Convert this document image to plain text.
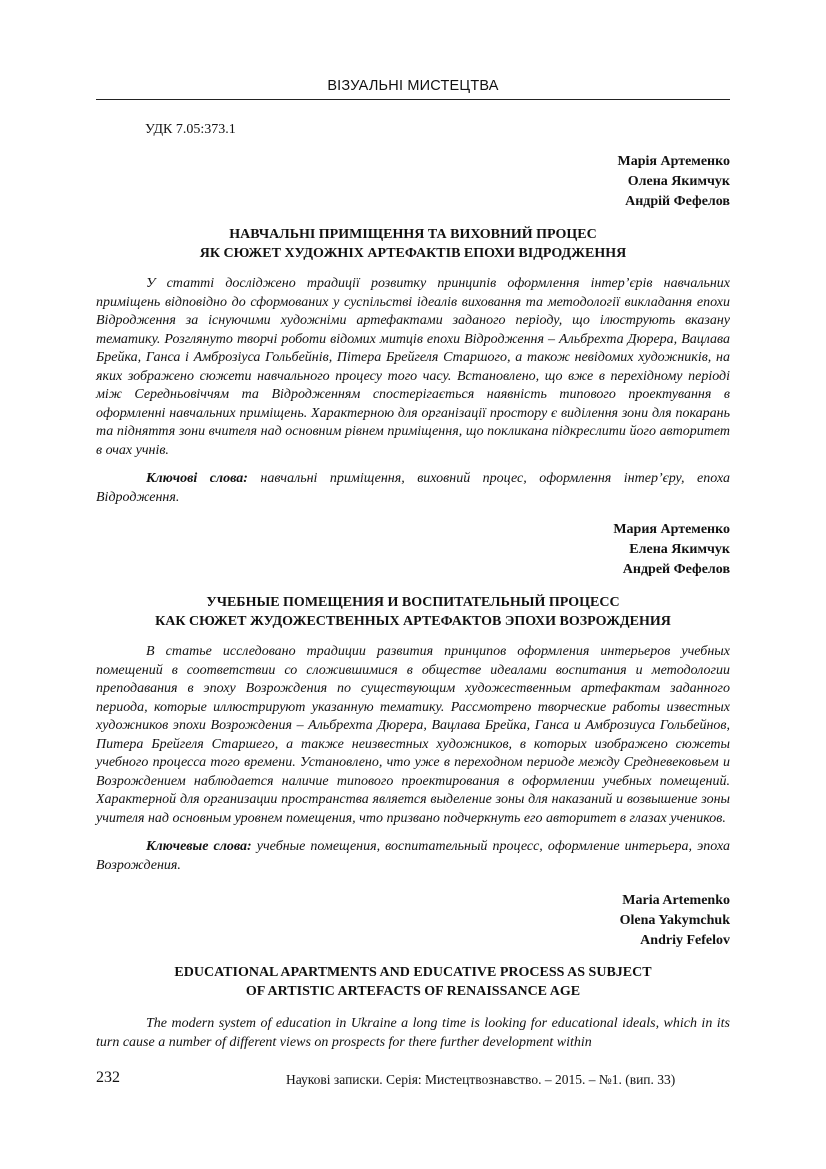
ВІЗУАЛЬНІ МИСТЕЦТВА
УДК 7.05:373.1
Марія Артеменко
Олена Якимчук
Андрій Фефелов
НАВЧАЛЬНІ ПРИМІЩЕННЯ ТА ВИХОВНИЙ ПРОЦЕС
ЯК СЮЖЕТ ХУДОЖНІХ АРТЕФАКТІВ ЕПОХИ ВІДРОДЖЕННЯ
У статті досліджено традиції розвитку принципів оформлення інтер’єрів навчальних приміщень відповідно до сформованих у суспільстві ідеалів виховання та методології викладання епохи Відродження за існуючими художніми артефактами заданого періоду, що ілюструють вказану тематику. Розглянуто творчі роботи відомих митців епохи Відродження – Альбрехта Дюрера, Вацлава Брейка, Ганса і Амброзіуса Гольбейнів, Пітера Брейгеля Старшого, а також невідомих художників, на яких зображено сюжети навчального процесу того часу. Встановлено, що вже в перехідному періоді між Середньовіччям та Відродженням спостерігається наявність типового проектування в оформленні навчальних приміщень. Характерною для організації простору є виділення зони для покарань та підняття зони вчителя над основним рівнем приміщення, що покликана підкреслити його авторитет в очах учнів.
Ключові слова: навчальні приміщення, виховний процес, оформлення інтер’єру, епоха Відродження.
Мария Артеменко
Елена Якимчук
Андрей Фефелов
УЧЕБНЫЕ ПОМЕЩЕНИЯ И ВОСПИТАТЕЛЬНЫЙ ПРОЦЕСС
КАК СЮЖЕТ ЖУДОЖЕСТВЕННЫХ АРТЕФАКТОВ ЭПОХИ ВОЗРОЖДЕНИЯ
В статье исследовано традиции развития принципов оформления интерьеров учебных помещений в соответствии со сложившимися в обществе идеалами воспитания и методологии преподавания в эпоху Возрождения по существующим художественным артефактам заданного периода, которые иллюстрируют указанную тематику. Рассмотрено творческие работы известных художников эпохи Возрождения – Альбрехта Дюрера, Вацлава Брейка, Ганса и Амброзиуса Гольбейнов, Питера Брейгеля Старшего, а также неизвестных художников, в которых изображено сюжеты учебного процесса того времени. Установлено, что уже в переходном периоде между Средневековьем и Возрождением наблюдается наличие типового проектирования в оформлении учебных помещений. Характерной для организации пространства является выделение зоны для наказаний и возвышение зоны учителя над основным уровнем помещения, что призвано подчеркнуть его авторитет в глазах учеников.
Ключевые слова: учебные помещения, воспитательный процесс, оформление интерьера, эпоха Возрождения.
Maria Artemenko
Olena Yakymchuk
Andriy Fefelov
EDUCATIONAL APARTMENTS AND EDUCATIVE PROCESS AS SUBJECT
OF ARTISTIC ARTEFACTS OF RENAISSANCE AGE
The modern system of education in Ukraine a long time is looking for educational ideals, which in its turn cause a number of different views on prospects for there further development within
232	Наукові записки. Серія: Мистецтвознавство. – 2015. – №1. (вип. 33)
